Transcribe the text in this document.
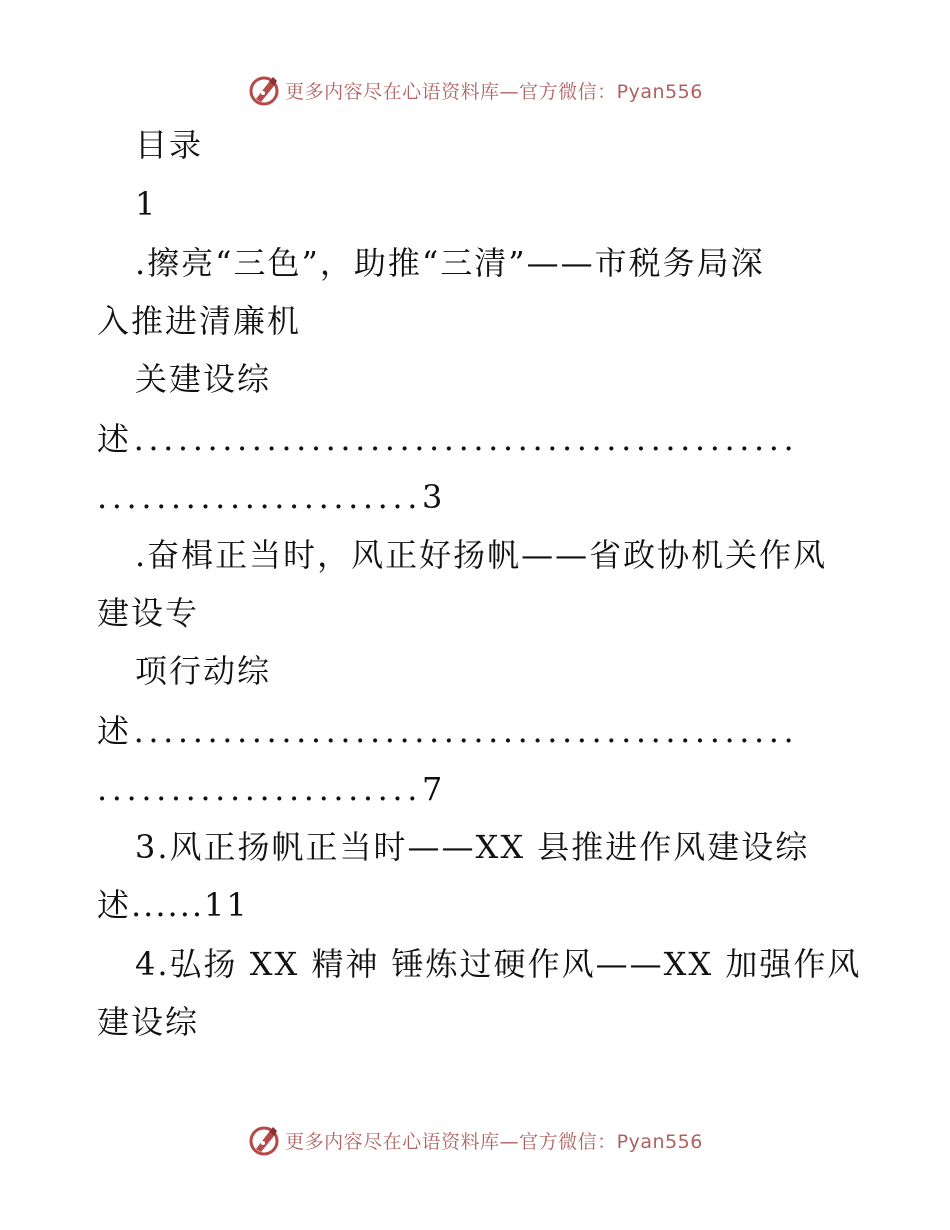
更多内容尽在心语资料库—官方微信：Pyan556
目录
1
.擦亮“三色”，助推“三清”——市税务局深
入推进清廉机
关建设综
述.............................................
......................3
.奋楫正当时，风正好扬帆——省政协机关作风
建设专
项行动综
述.............................................
......................7
3.风正扬帆正当时——XX 县推进作风建设综
述......11
4.弘扬 XX 精神 锤炼过硬作风——XX 加强作风
建设综
更多内容尽在心语资料库—官方微信：Pyan556
